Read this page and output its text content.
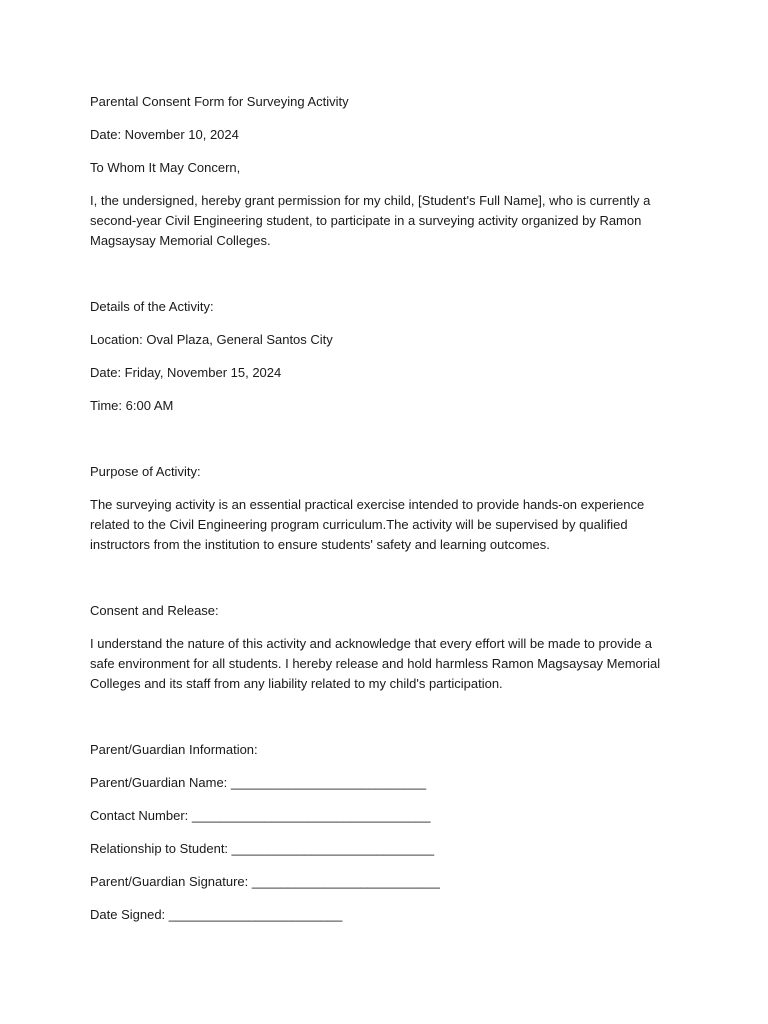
Parental Consent Form for Surveying Activity

Date: November 10, 2024

To Whom It May Concern,

I, the undersigned, hereby grant permission for my child, [Student's Full Name], who is currently a second-year Civil Engineering student, to participate in a surveying activity organized by Ramon Magsaysay Memorial Colleges.

Details of the Activity:

Location: Oval Plaza, General Santos City

Date: Friday, November 15, 2024

Time: 6:00 AM

Purpose of Activity:

The surveying activity is an essential practical exercise intended to provide hands-on experience related to the Civil Engineering program curriculum.The activity will be supervised by qualified instructors from the institution to ensure students' safety and learning outcomes.

Consent and Release:

I understand the nature of this activity and acknowledge that every effort will be made to provide a safe environment for all students. I hereby release and hold harmless Ramon Magsaysay Memorial Colleges and its staff from any liability related to my child's participation.

Parent/Guardian Information:

Parent/Guardian Name: ___________________________

Contact Number: _________________________________

Relationship to Student: ____________________________

Parent/Guardian Signature: __________________________

Date Signed: ________________________
